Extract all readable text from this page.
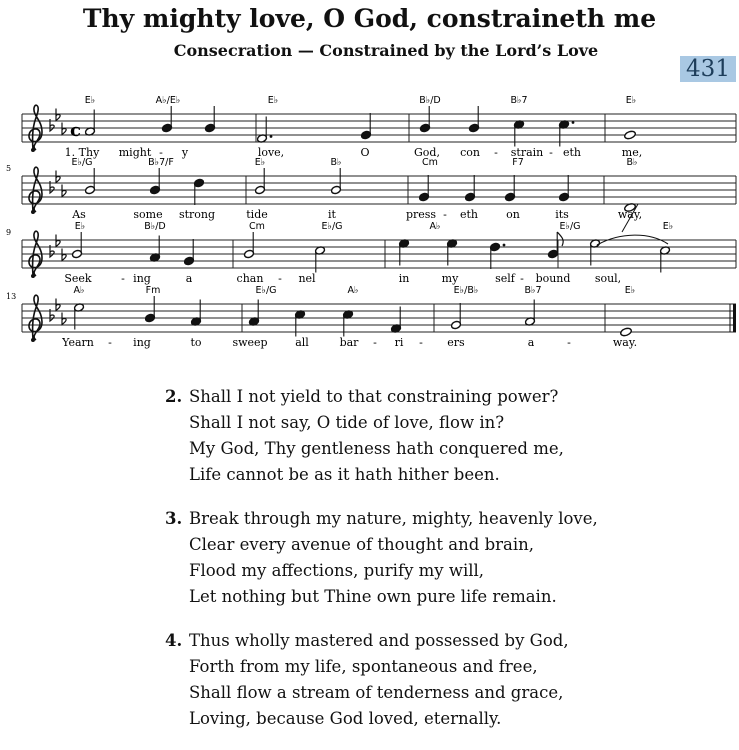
Thy mighty love, O God, constraineth me
Consecration — Constrained by the Lord’s Love
431
c
E♭	A♭/E♭	E♭	B♭/D	B♭7	E♭
1. Thy might - y	love,	O	God, con - strain - eth	me,
5
E♭/G	B♭7/F	E♭	B♭	Cm	F7	B♭
As	some strong	tide	it	press - eth	on	its	way,
9
E♭	B♭/D	Cm	E♭/G	A♭	E♭/G	E♭
Seek	- ing	a	chan - nel	in	my	self - bound soul,
13
A♭	Fm	E♭/G	A♭	E♭/B♭	B♭7	E♭
Yearn - ing	to	sweep	all	bar - ri - ers	a	-	way.
2. Shall I not yield to that constraining power?
Shall I not say, O tide of love, flow in?
My God, Thy gentleness hath conquered me,
Life cannot be as it hath hither been.
3. Break through my nature, mighty, heavenly love,
Clear every avenue of thought and brain,
Flood my affections, purify my will,
Let nothing but Thine own pure life remain.
4. Thus wholly mastered and possessed by God,
Forth from my life, spontaneous and free,
Shall flow a stream of tenderness and grace,
Loving, because God loved, eternally.
